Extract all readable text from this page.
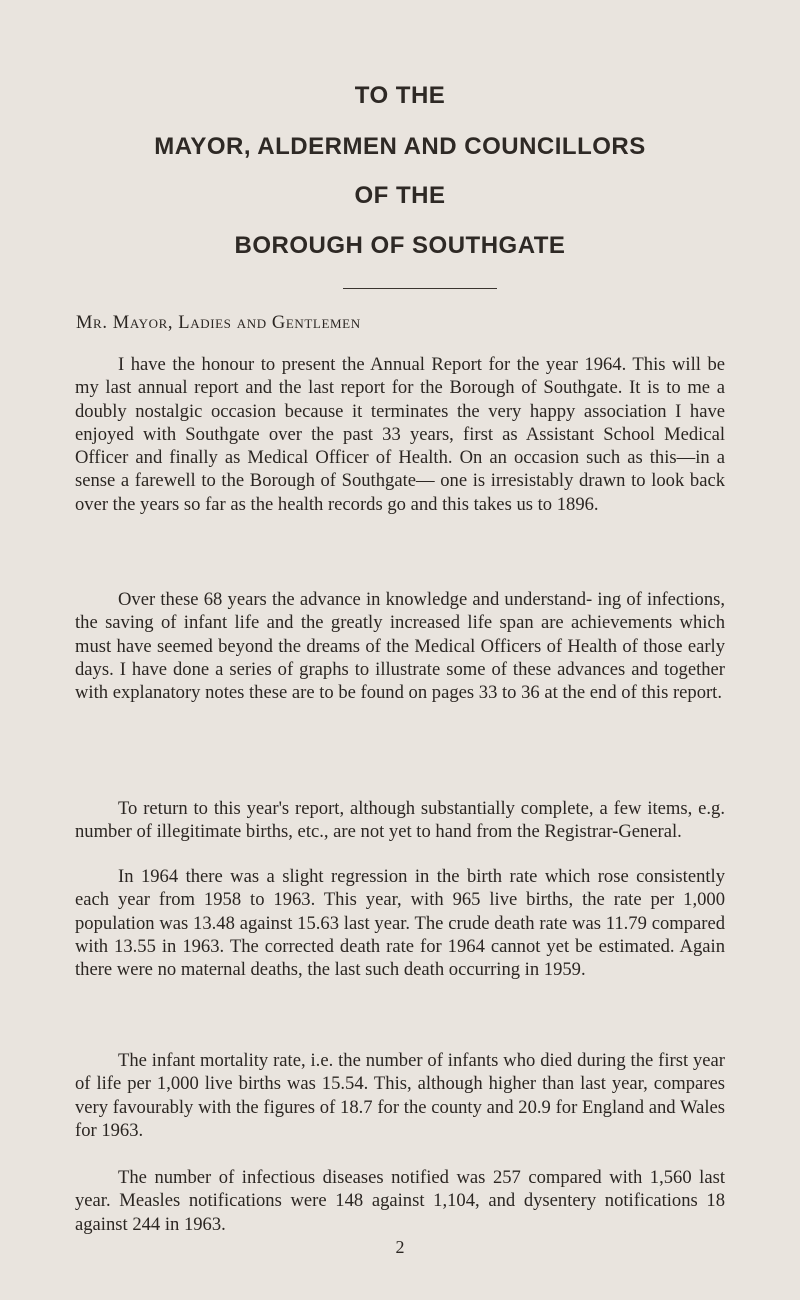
TO THE
MAYOR, ALDERMEN AND COUNCILLORS
OF THE
BOROUGH OF SOUTHGATE

Mr. Mayor, Ladies and Gentlemen

I have the honour to present the Annual Report for the year 1964. This will be my last annual report and the last report for the Borough of Southgate. It is to me a doubly nostalgic occasion because it terminates the very happy association I have enjoyed with Southgate over the past 33 years, first as Assistant School Medical Officer and finally as Medical Officer of Health. On an occasion such as this—in a sense a farewell to the Borough of Southgate— one is irresistably drawn to look back over the years so far as the health records go and this takes us to 1896.

Over these 68 years the advance in knowledge and understand- ing of infections, the saving of infant life and the greatly increased life span are achievements which must have seemed beyond the dreams of the Medical Officers of Health of those early days. I have done a series of graphs to illustrate some of these advances and together with explanatory notes these are to be found on pages 33 to 36 at the end of this report.

To return to this year's report, although substantially complete, a few items, e.g. number of illegitimate births, etc., are not yet to hand from the Registrar-General.

In 1964 there was a slight regression in the birth rate which rose consistently each year from 1958 to 1963. This year, with 965 live births, the rate per 1,000 population was 13.48 against 15.63 last year. The crude death rate was 11.79 compared with 13.55 in 1963. The corrected death rate for 1964 cannot yet be estimated. Again there were no maternal deaths, the last such death occurring in 1959.

The infant mortality rate, i.e. the number of infants who died during the first year of life per 1,000 live births was 15.54. This, although higher than last year, compares very favourably with the figures of 18.7 for the county and 20.9 for England and Wales for 1963.

The number of infectious diseases notified was 257 compared with 1,560 last year. Measles notifications were 148 against 1,104, and dysentery notifications 18 against 244 in 1963.

2
